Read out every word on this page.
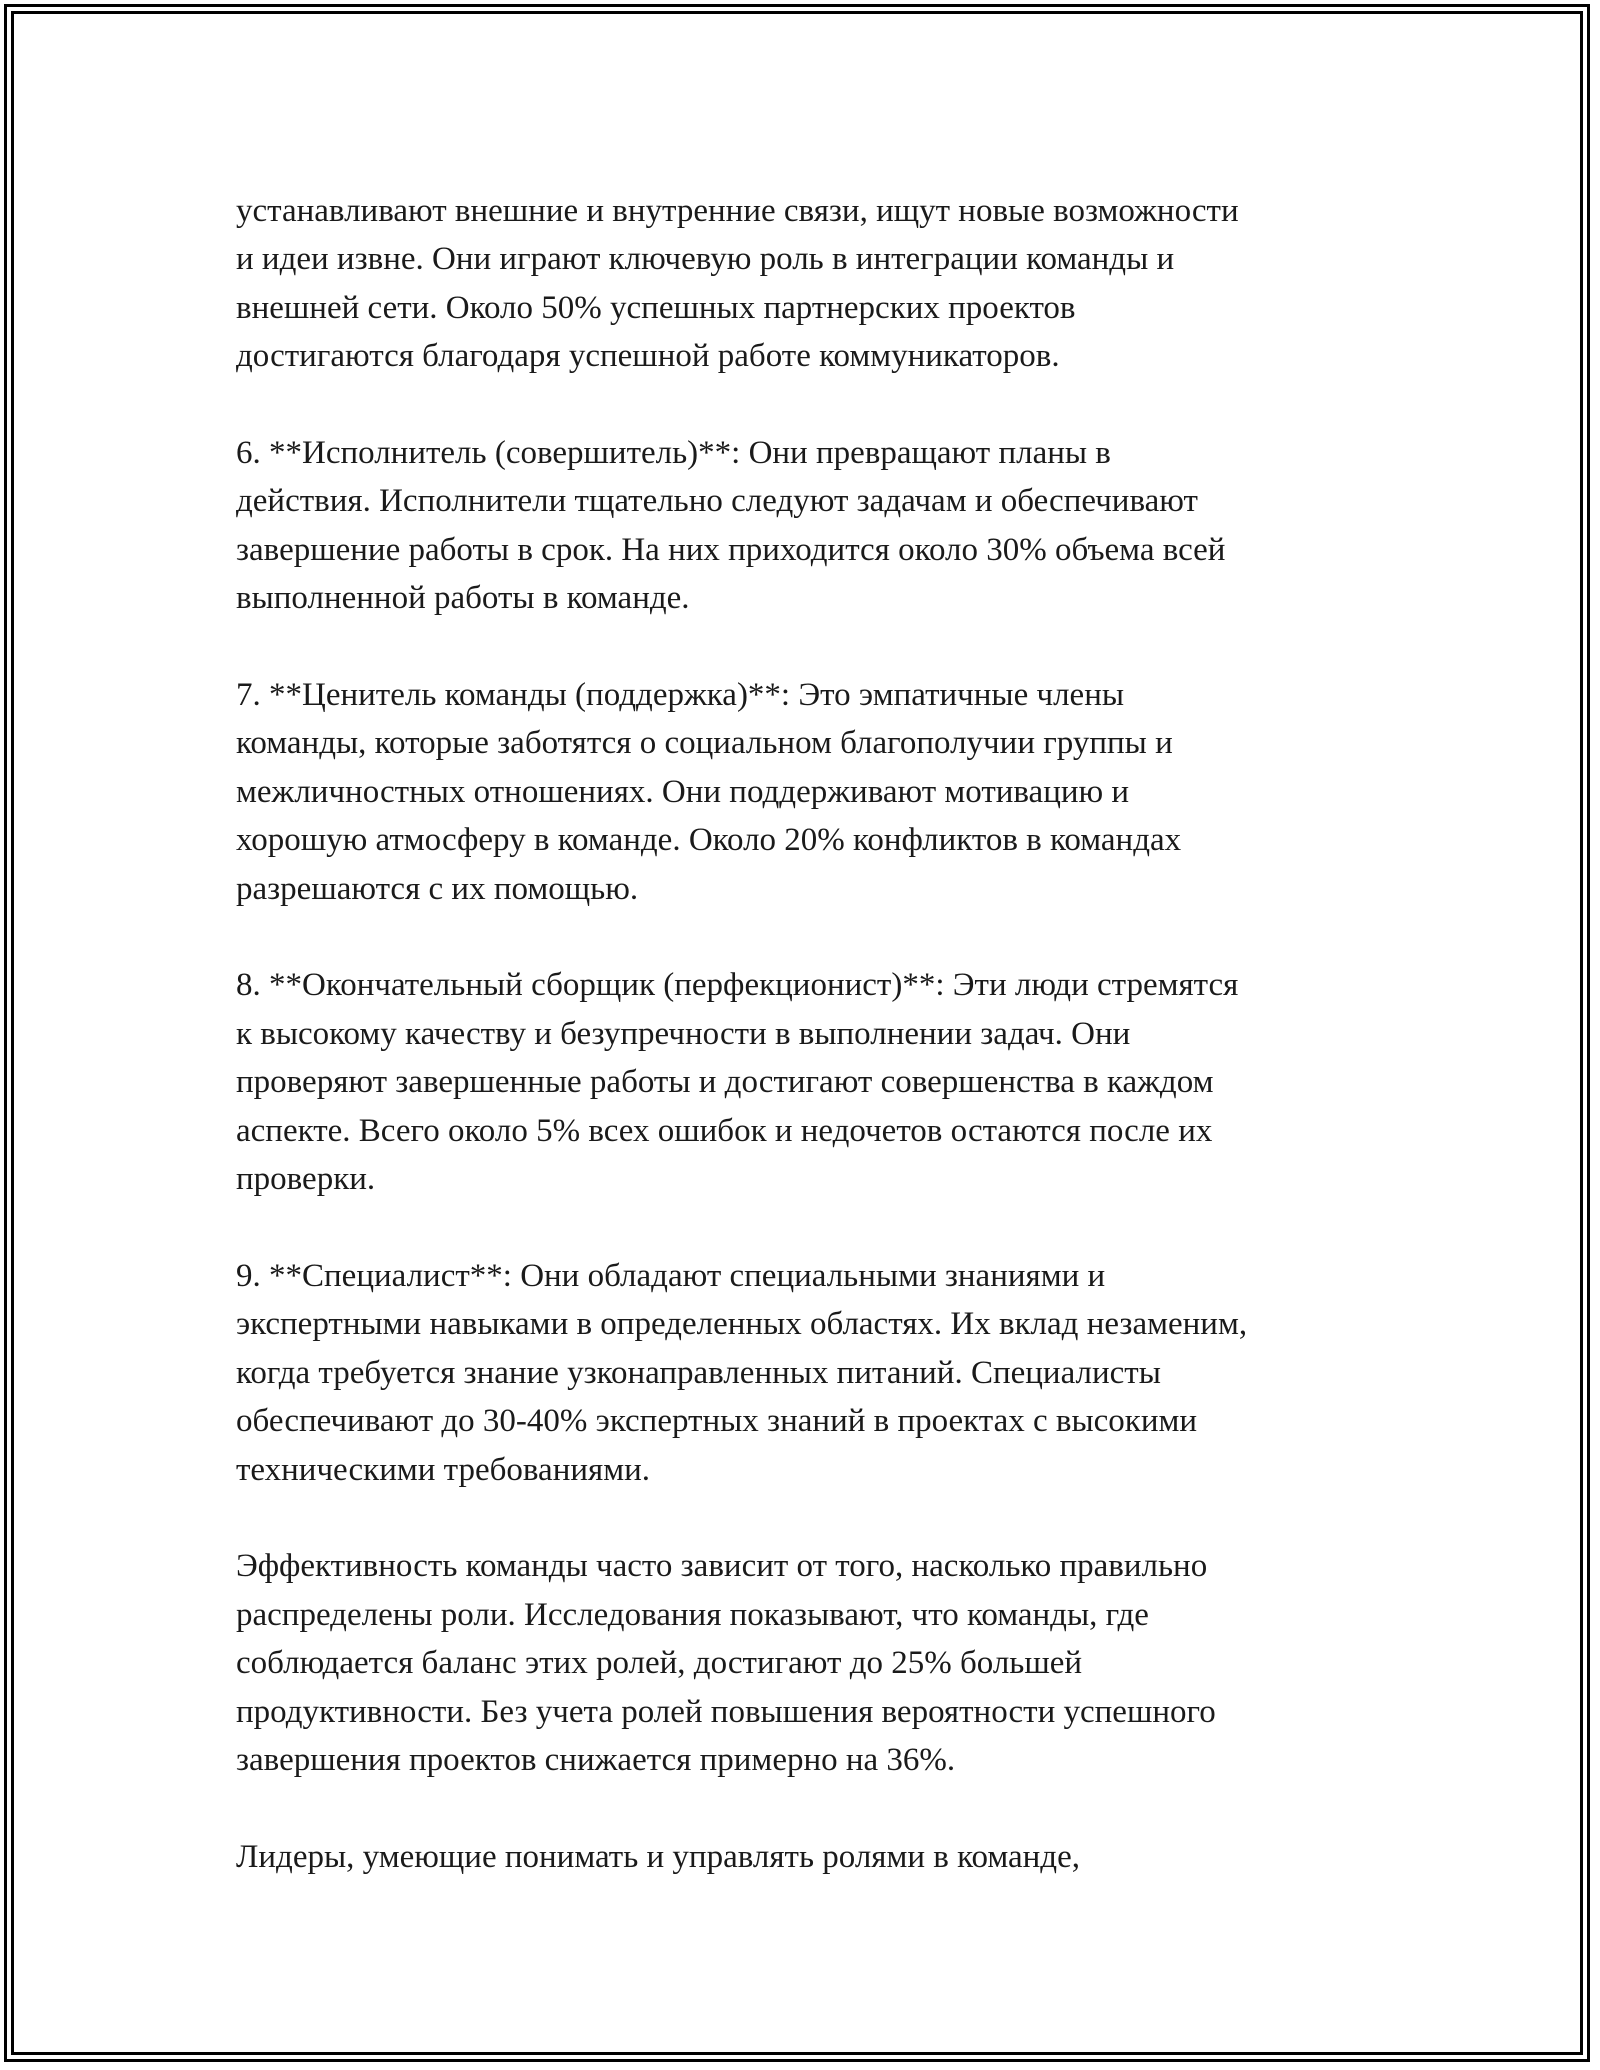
устанавливают внешние и внутренние связи, ищут новые возможности
и идеи извне. Они играют ключевую роль в интеграции команды и
внешней сети. Около 50% успешных партнерских проектов
достигаются благодаря успешной работе коммуникаторов.

6. **Исполнитель (совершитель)**: Они превращают планы в
действия. Исполнители тщательно следуют задачам и обеспечивают
завершение работы в срок. На них приходится около 30% объема всей
выполненной работы в команде.

7. **Ценитель команды (поддержка)**: Это эмпатичные члены
команды, которые заботятся о социальном благополучии группы и
межличностных отношениях. Они поддерживают мотивацию и
хорошую атмосферу в команде. Около 20% конфликтов в командах
разрешаются с их помощью.

8. **Окончательный сборщик (перфекционист)**: Эти люди стремятся
к высокому качеству и безупречности в выполнении задач. Они
проверяют завершенные работы и достигают совершенства в каждом
аспекте. Всего около 5% всех ошибок и недочетов остаются после их
проверки.

9. **Специалист**: Они обладают специальными знаниями и
экспертными навыками в определенных областях. Их вклад незаменим,
когда требуется знание узконаправленных питаний. Специалисты
обеспечивают до 30-40% экспертных знаний в проектах с высокими
техническими требованиями.

Эффективность команды часто зависит от того, насколько правильно
распределены роли. Исследования показывают, что команды, где
соблюдается баланс этих ролей, достигают до 25% большей
продуктивности. Без учета ролей повышения вероятности успешного
завершения проектов снижается примерно на 36%.

Лидеры, умеющие понимать и управлять ролями в команде,
